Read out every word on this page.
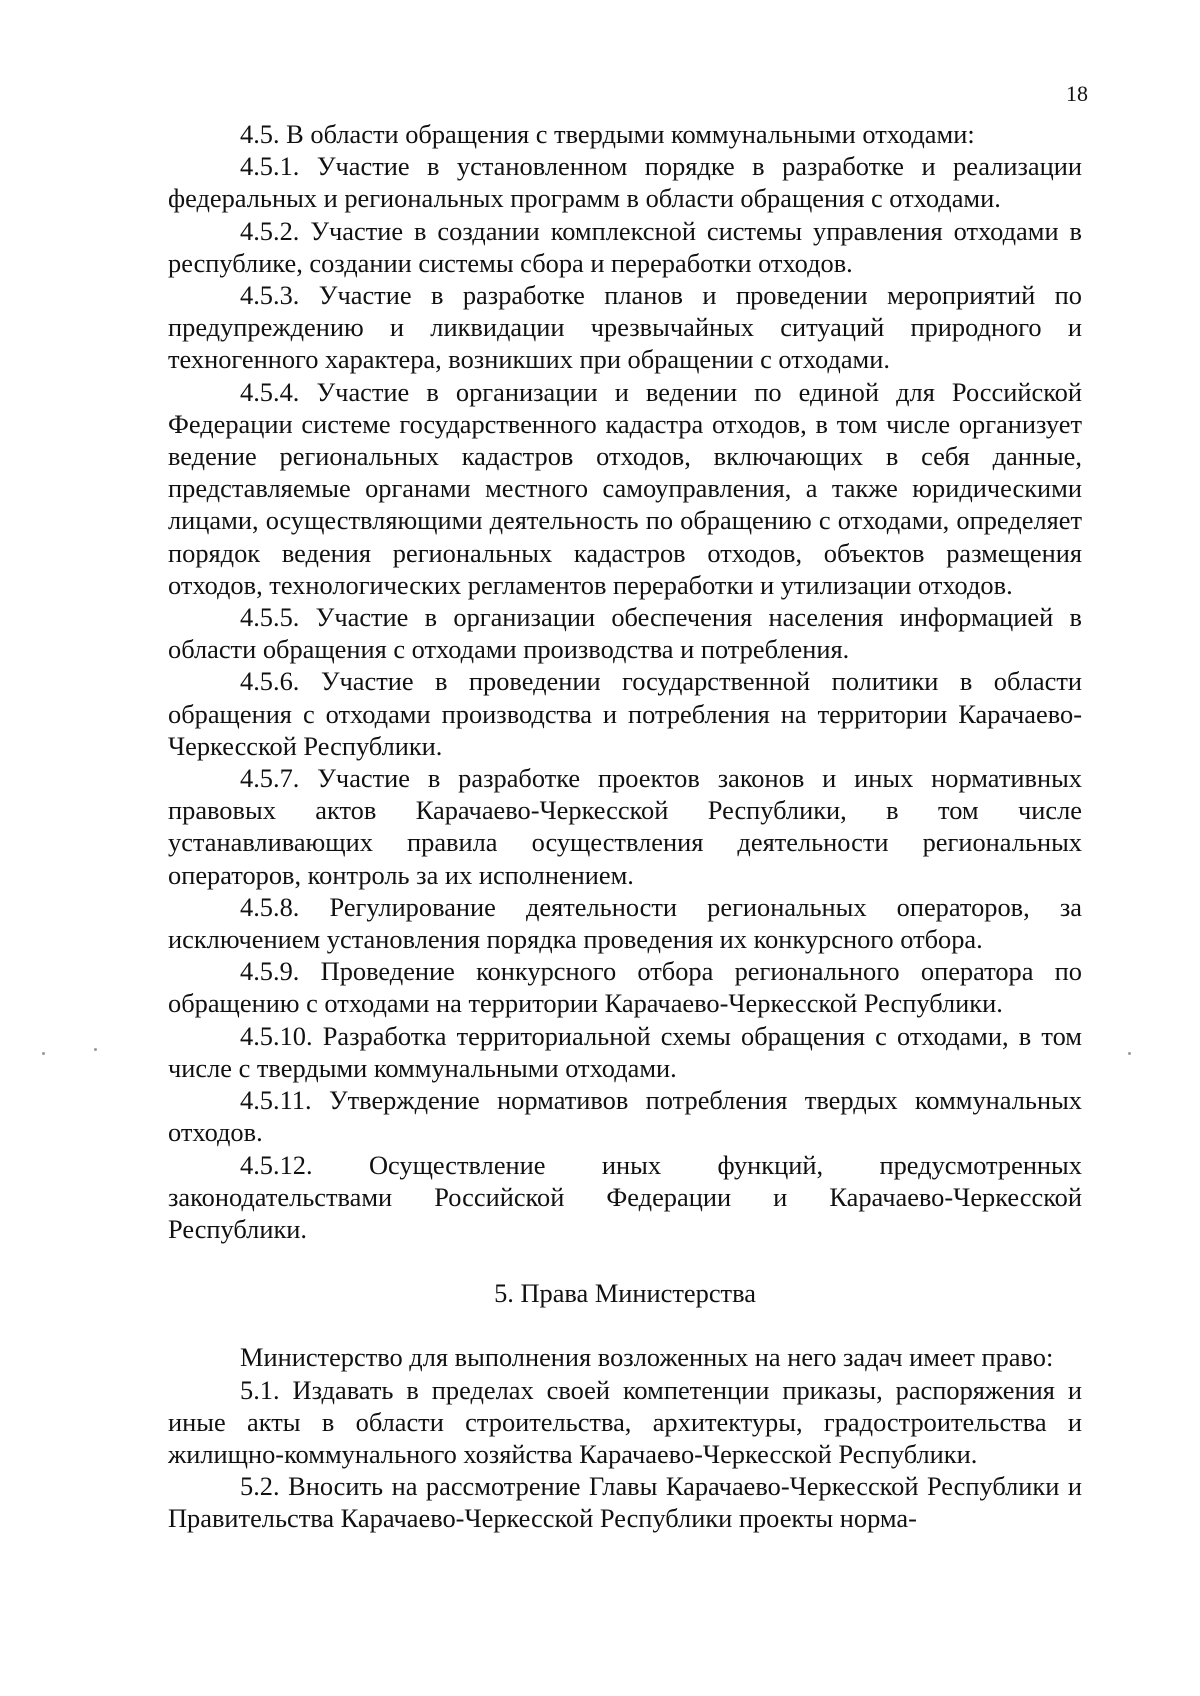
18

4.5. В области обращения с твердыми коммунальными отходами:

4.5.1. Участие в установленном порядке в разработке и реализации федеральных и региональных программ в области обращения с отходами.

4.5.2. Участие в создании комплексной системы управления отходами в республике, создании системы сбора и переработки отходов.

4.5.3. Участие в разработке планов и проведении мероприятий по предупреждению и ликвидации чрезвычайных ситуаций природного и техногенного характера, возникших при обращении с отходами.

4.5.4. Участие в организации и ведении по единой для Российской Федерации системе государственного кадастра отходов, в том числе организует ведение региональных кадастров отходов, включающих в себя данные, представляемые органами местного самоуправления, а также юридическими лицами, осуществляющими деятельность по обращению с отходами, определяет порядок ведения региональных кадастров отходов, объектов размещения отходов, технологических регламентов переработки и утилизации отходов.

4.5.5. Участие в организации обеспечения населения информацией в области обращения с отходами производства и потребления.

4.5.6. Участие в проведении государственной политики в области обращения с отходами производства и потребления на территории Карачаево-Черкесской Республики.

4.5.7. Участие в разработке проектов законов и иных нормативных правовых актов Карачаево-Черкесской Республики, в том числе устанавливающих правила осуществления деятельности региональных операторов, контроль за их исполнением.

4.5.8. Регулирование деятельности региональных операторов, за исключением установления порядка проведения их конкурсного отбора.

4.5.9. Проведение конкурсного отбора регионального оператора по обращению с отходами на территории Карачаево-Черкесской Республики.

4.5.10. Разработка территориальной схемы обращения с отходами, в том числе с твердыми коммунальными отходами.

4.5.11. Утверждение нормативов потребления твердых коммунальных отходов.

4.5.12. Осуществление иных функций, предусмотренных законодательствами Российской Федерации и Карачаево-Черкесской Республики.

5. Права Министерства

Министерство для выполнения возложенных на него задач имеет право:

5.1. Издавать в пределах своей компетенции приказы, распоряжения и иные акты в области строительства, архитектуры, градостроительства и жилищно-коммунального хозяйства Карачаево-Черкесской Республики.

5.2. Вносить на рассмотрение Главы Карачаево-Черкесской Республики и Правительства Карачаево-Черкесской Республики проекты норма-
